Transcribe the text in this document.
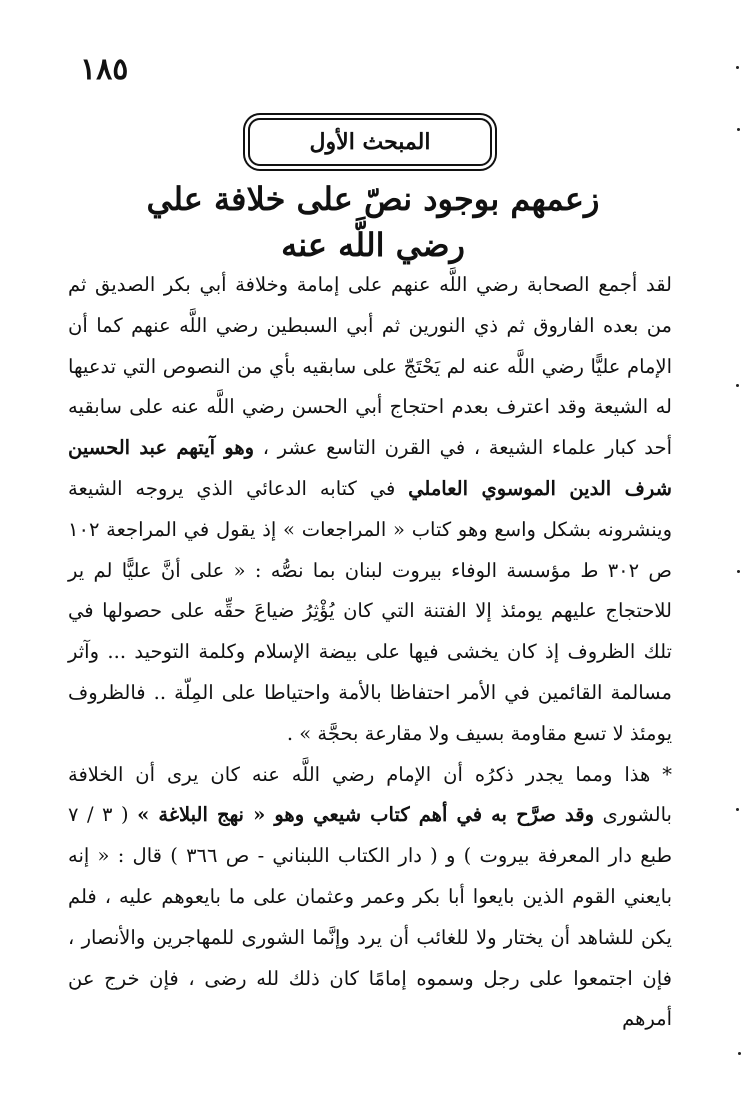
١٨٥
المبحث الأول
زعمهم بوجود نصّ على خلافة علي
رضي اللَّه عنه

لقد أجمع الصحابة رضي اللَّه عنهم على إمامة وخلافة أبي بكر الصديق ثم من بعده الفاروق ثم ذي النورين ثم أبي السبطين رضي اللَّه عنهم كما أن الإمام عليًّا رضي اللَّه عنه لم يَحْتَجّ على سابقيه بأي من النصوص التي تدعيها له الشيعة وقد اعترف بعدم احتجاج أبي الحسن رضي اللَّه عنه على سابقيه أحد كبار علماء الشيعة ، في القرن التاسع عشر ، وهو آيتهم عبد الحسين شرف الدين الموسوي العاملي في كتابه الدعائي الذي يروجه الشيعة وينشرونه بشكل واسع وهو كتاب « المراجعات » إذ يقول في المراجعة ١٠٢ ص ٣٠٢ ط مؤسسة الوفاء بيروت لبنان بما نصُّه : « على أنَّ عليًّا لم ير للاحتجاج عليهم يومئذ إلا الفتنة التي كان يُؤْثِرُ ضياعَ حقِّه على حصولها في تلك الظروف إذ كان يخشى فيها على بيضة الإسلام وكلمة التوحيد ... وآثر مسالمة القائمين في الأمر احتفاظا بالأمة واحتياطا على المِلّة .. فالظروف يومئذ لا تسع مقاومة بسيف ولا مقارعة بحجَّة » .

* هذا ومما يجدر ذكرُه أن الإمام رضي اللَّه عنه كان يرى أن الخلافة بالشورى وقد صرَّح به في أهم كتاب شيعي وهو « نهج البلاغة » ( ٣ / ٧ طبع دار المعرفة بيروت ) و ( دار الكتاب اللبناني - ص ٣٦٦ ) قال : « إنه بايعني القوم الذين بايعوا أبا بكر وعمر وعثمان على ما بايعوهم عليه ، فلم يكن للشاهد أن يختار ولا للغائب أن يرد وإنَّما الشورى للمهاجرين والأنصار ، فإن اجتمعوا على رجل وسموه إمامًا كان ذلك لله رضى ، فإن خرج عن أمرهم
